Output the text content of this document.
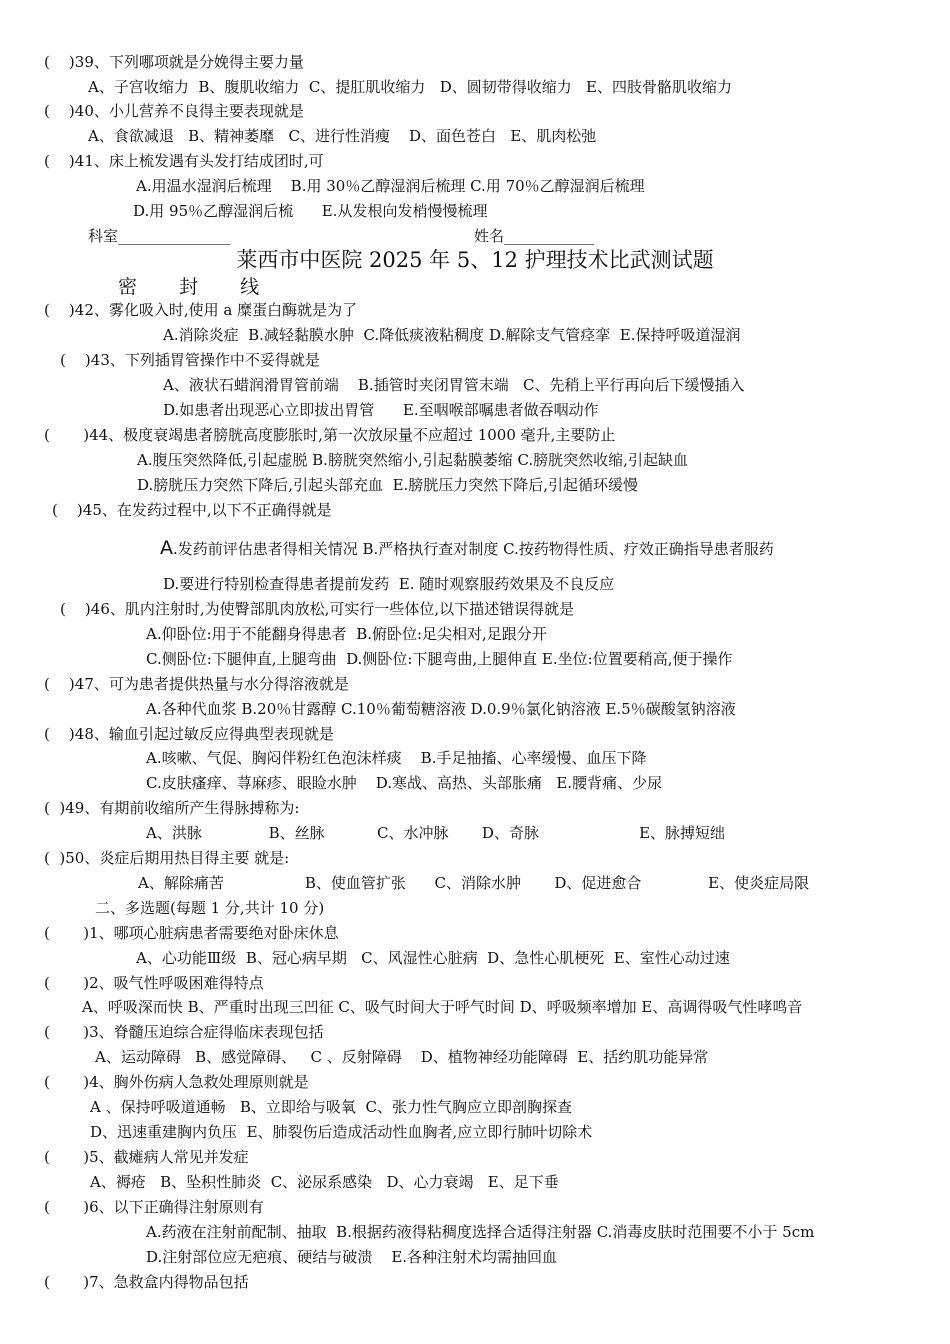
(    )39、下列哪项就是分娩得主要力量
A、子宫收缩力  B、腹肌收缩力  C、提肛肌收缩力   D、圆韧带得收缩力   E、四肢骨骼肌收缩力
(    )40、小儿营养不良得主要表现就是
A、食欲减退   B、精神萎靡   C、进行性消瘦    D、面色苍白   E、肌肉松弛
(    )41、床上梳发遇有头发打结成团时,可
A.用温水湿润后梳理    B.用 30％乙醇湿润后梳理 C.用 70％乙醇湿润后梳理
D.用 95％乙醇湿润后梳      E.从发根向发梢慢慢梳理
科室_______________	姓名____________
莱西市中医院 2025 年 5、12 护理技术比武测试题
密  封  线
(    )42、雾化吸入时,使用 a 糜蛋白酶就是为了
A.消除炎症  B.减轻黏膜水肿  C.降低痰液粘稠度 D.解除支气管痉挛  E.保持呼吸道湿润
(    )43、下列插胃管操作中不妥得就是
A、液状石蜡润滑胃管前端    B.插管时夹闭胃管末端   C、先稍上平行再向后下缓慢插入
D.如患者出现恶心立即拔出胃管      E.至咽喉部嘱患者做吞咽动作
(       )44、极度衰竭患者膀胱高度膨胀时,第一次放尿量不应超过 1000 毫升,主要防止
A.腹压突然降低,引起虚脱 B.膀胱突然缩小,引起黏膜萎缩 C.膀胱突然收缩,引起缺血
D.膀胱压力突然下降后,引起头部充血  E.膀胱压力突然下降后,引起循环缓慢
(    )45、在发药过程中,以下不正确得就是
A.发药前评估患者得相关情况 B.严格执行查对制度 C.按药物得性质、疗效正确指导患者服药
D.要进行特别检查得患者提前发药  E. 随时观察服药效果及不良反应
(    )46、肌内注射时,为使臀部肌肉放松,可实行一些体位,以下描述错误得就是
A.仰卧位:用于不能翻身得患者  B.俯卧位:足尖相对,足跟分开
C.侧卧位:下腿伸直,上腿弯曲  D.侧卧位:下腿弯曲,上腿伸直 E.坐位:位置要稍高,便于操作
(    )47、可为患者提供热量与水分得溶液就是
A.各种代血浆 B.20％甘露醇 C.10％葡萄糖溶液 D.0.9％氯化钠溶液 E.5％碳酸氢钠溶液
(    )48、输血引起过敏反应得典型表现就是
A.咳嗽、气促、胸闷伴粉红色泡沫样痰    B.手足抽搐、心率缓慢、血压下降
C.皮肤瘙痒、荨麻疹、眼睑水肿    D.寒战、高热、头部胀痛   E.腰背痛、少尿
(  )49、有期前收缩所产生得脉搏称为:
A、洪脉              B、丝脉           C、水冲脉       D、奇脉                     E、脉搏短绌
(  )50、炎症后期用热目得主要 就是:
A、解除痛苦                 B、使血管扩张      C、消除水肿       D、促进愈合              E、使炎症局限
二、多选题(每题 1 分,共计 10 分)
(       )1、哪项心脏病患者需要绝对卧床休息
A、心功能Ⅲ级  B、冠心病早期   C、风湿性心脏病  D、急性心肌梗死  E、室性心动过速
(       )2、吸气性呼吸困难得特点
A、呼吸深而快 B、严重时出现三凹征 C、吸气时间大于呼气时间 D、呼吸频率增加 E、高调得吸气性哮鸣音
(       )3、脊髓压迫综合症得临床表现包括
A、运动障碍   B、感觉障碍、   C 、反射障碍    D、植物神经功能障碍  E、括约肌功能异常
(       )4、胸外伤病人急救处理原则就是
A 、保持呼吸道通畅   B、立即给与吸氧  C、张力性气胸应立即剖胸探查
D、迅速重建胸内负压  E、肺裂伤后造成活动性血胸者,应立即行肺叶切除术
(       )5、截瘫病人常见并发症
A、褥疮   B、坠积性肺炎  C、泌尿系感染   D、心力衰竭   E、足下垂
(       )6、以下正确得注射原则有
A.药液在注射前配制、抽取  B.根据药液得粘稠度选择合适得注射器 C.消毒皮肤时范围要不小于 5cm
D.注射部位应无疤痕、硬结与破溃    E.各种注射术均需抽回血
(       )7、急救盒内得物品包括
